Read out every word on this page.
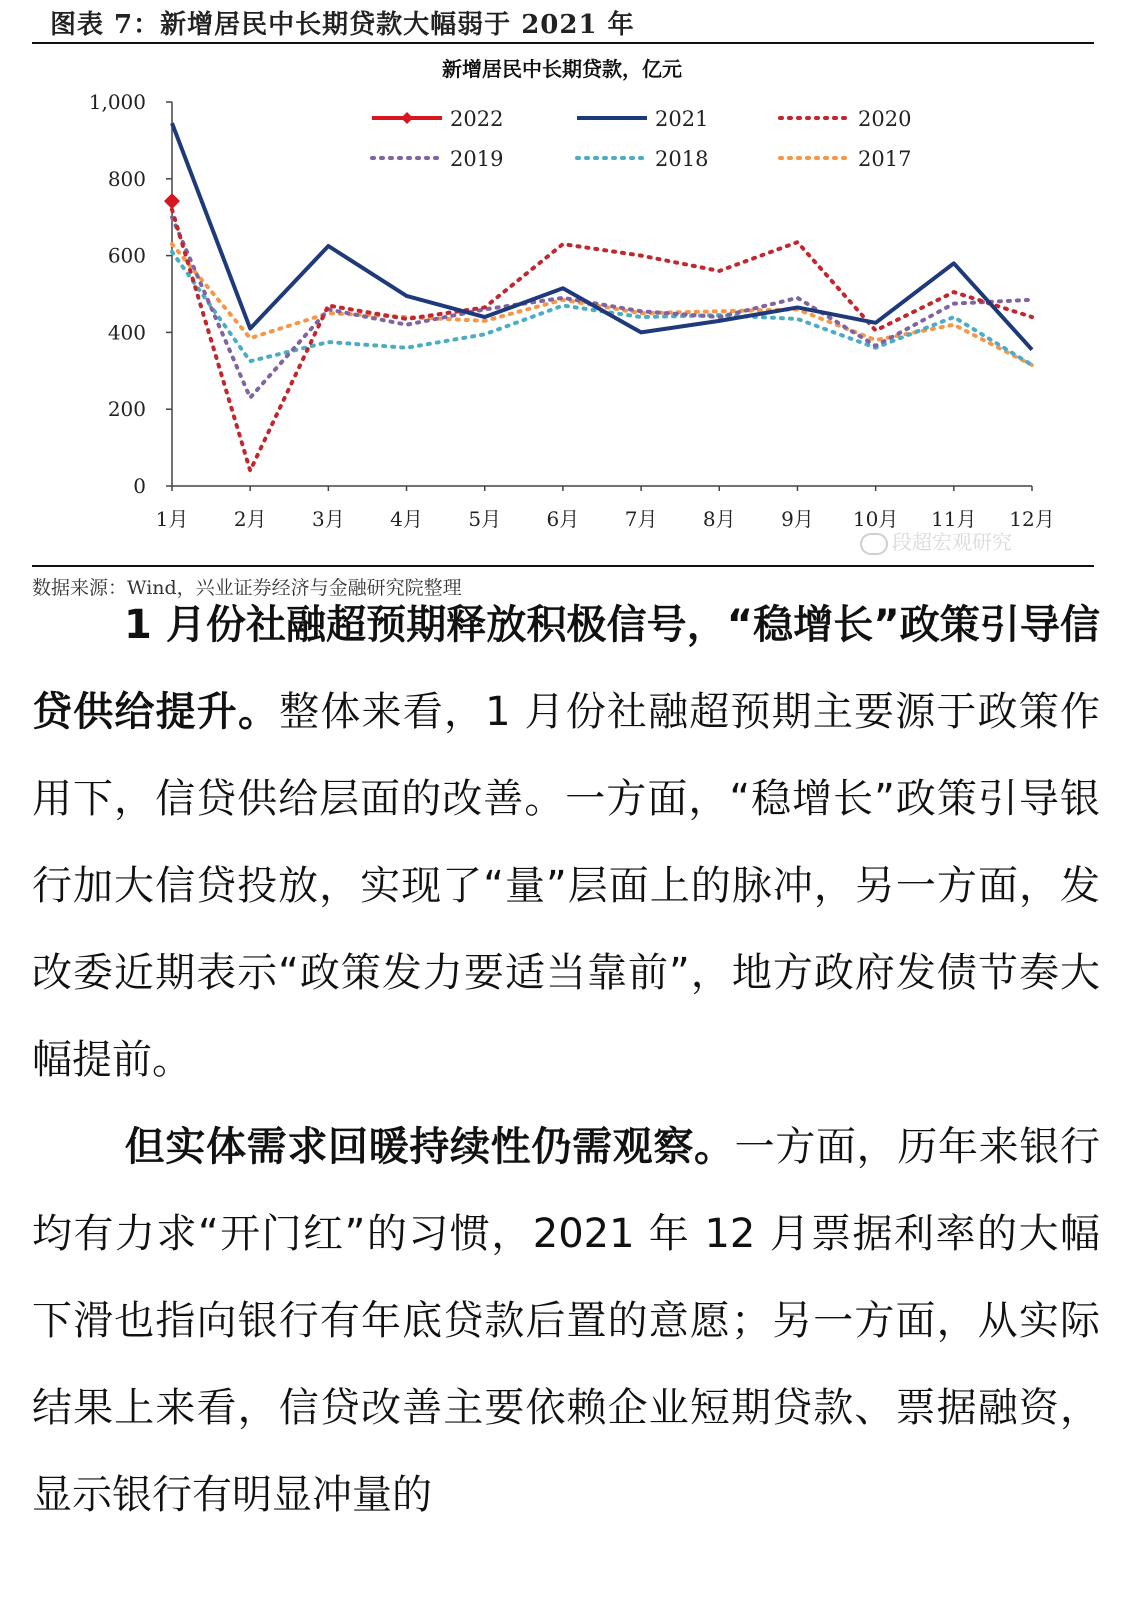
图表 7：新增居民中长期贷款大幅弱于 2021 年
新增居民中长期贷款，亿元
0
200
400
600
800
1,000
1月 2月 3月 4月 5月 6月 7月 8月 9月 10月 11月 12月
2022	2021	2020
2019	2018	2017
段超宏观研究
数据来源：Wind，兴业证券经济与金融研究院整理
1 月份社融超预期释放积极信号，“稳增长”政策引导信贷供给提升。整体来看，1 月份社融超预期主要源于政策作用下，信贷供给层面的改善。一方面，“稳增长”政策引导银行加大信贷投放，实现了“量”层面上的脉冲，另一方面，发改委近期表示“政策发力要适当靠前”，地方政府发债节奏大幅提前。
但实体需求回暖持续性仍需观察。一方面，历年来银行均有力求“开门红”的习惯，2021 年 12 月票据利率的大幅下滑也指向银行有年底贷款后置的意愿；另一方面，从实际结果上来看，信贷改善主要依赖企业短期贷款、票据融资，显示银行有明显冲量的
